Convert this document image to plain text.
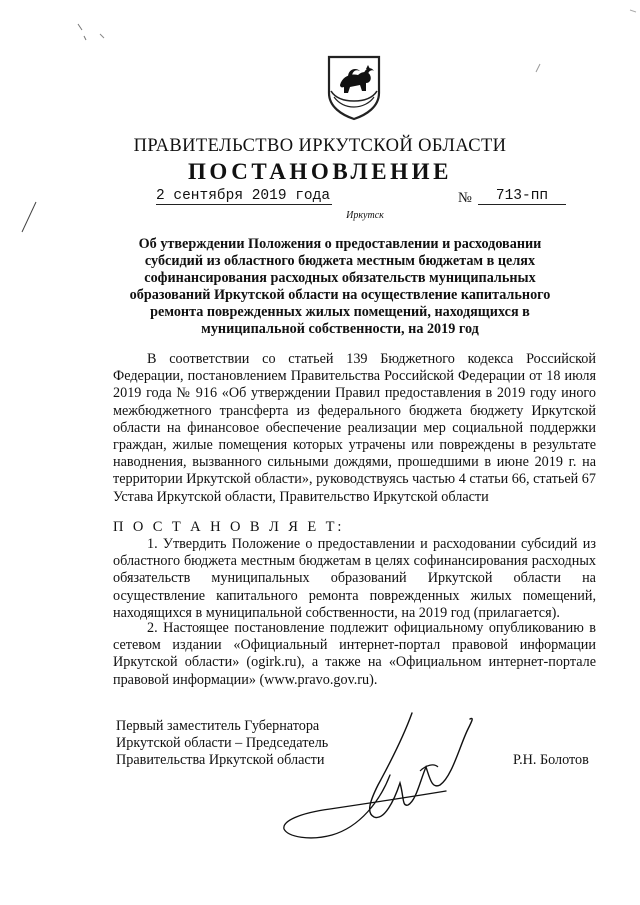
ПРАВИТЕЛЬСТВО ИРКУТСКОЙ ОБЛАСТИ
ПОСТАНОВЛЕНИЕ
2 сентября 2019 года	№	713-пп
Иркутск
Об утверждении Положения о предоставлении и расходовании субсидий из областного бюджета местным бюджетам в целях софинансирования расходных обязательств муниципальных образований Иркутской области на осуществление капитального ремонта поврежденных жилых помещений, находящихся в муниципальной собственности, на 2019 год
В соответствии со статьей 139 Бюджетного кодекса Российской Федерации, постановлением Правительства Российской Федерации от 18 июля 2019 года № 916 «Об утверждении Правил предоставления в 2019 году иного межбюджетного трансферта из федерального бюджета бюджету Иркутской области на финансовое обеспечение реализации мер социальной поддержки граждан, жилые помещения которых утрачены или повреждены в результате наводнения, вызванного сильными дождями, прошедшими в июне 2019 г. на территории Иркутской области», руководствуясь частью 4 статьи 66, статьей 67 Устава Иркутской области, Правительство Иркутской области
П О С Т А Н О В Л Я Е Т:
1. Утвердить Положение о предоставлении и расходовании субсидий из областного бюджета местным бюджетам в целях софинансирования расходных обязательств муниципальных образований Иркутской области на осуществление капитального ремонта поврежденных жилых помещений, находящихся в муниципальной собственности, на 2019 год (прилагается).
2. Настоящее постановление подлежит официальному опубликованию в сетевом издании «Официальный интернет-портал правовой информации Иркутской области» (ogirk.ru), а также на «Официальном интернет-портале правовой информации» (www.pravo.gov.ru).
Первый заместитель Губернатора
Иркутской области – Председатель
Правительства Иркутской области	Р.Н. Болотов
